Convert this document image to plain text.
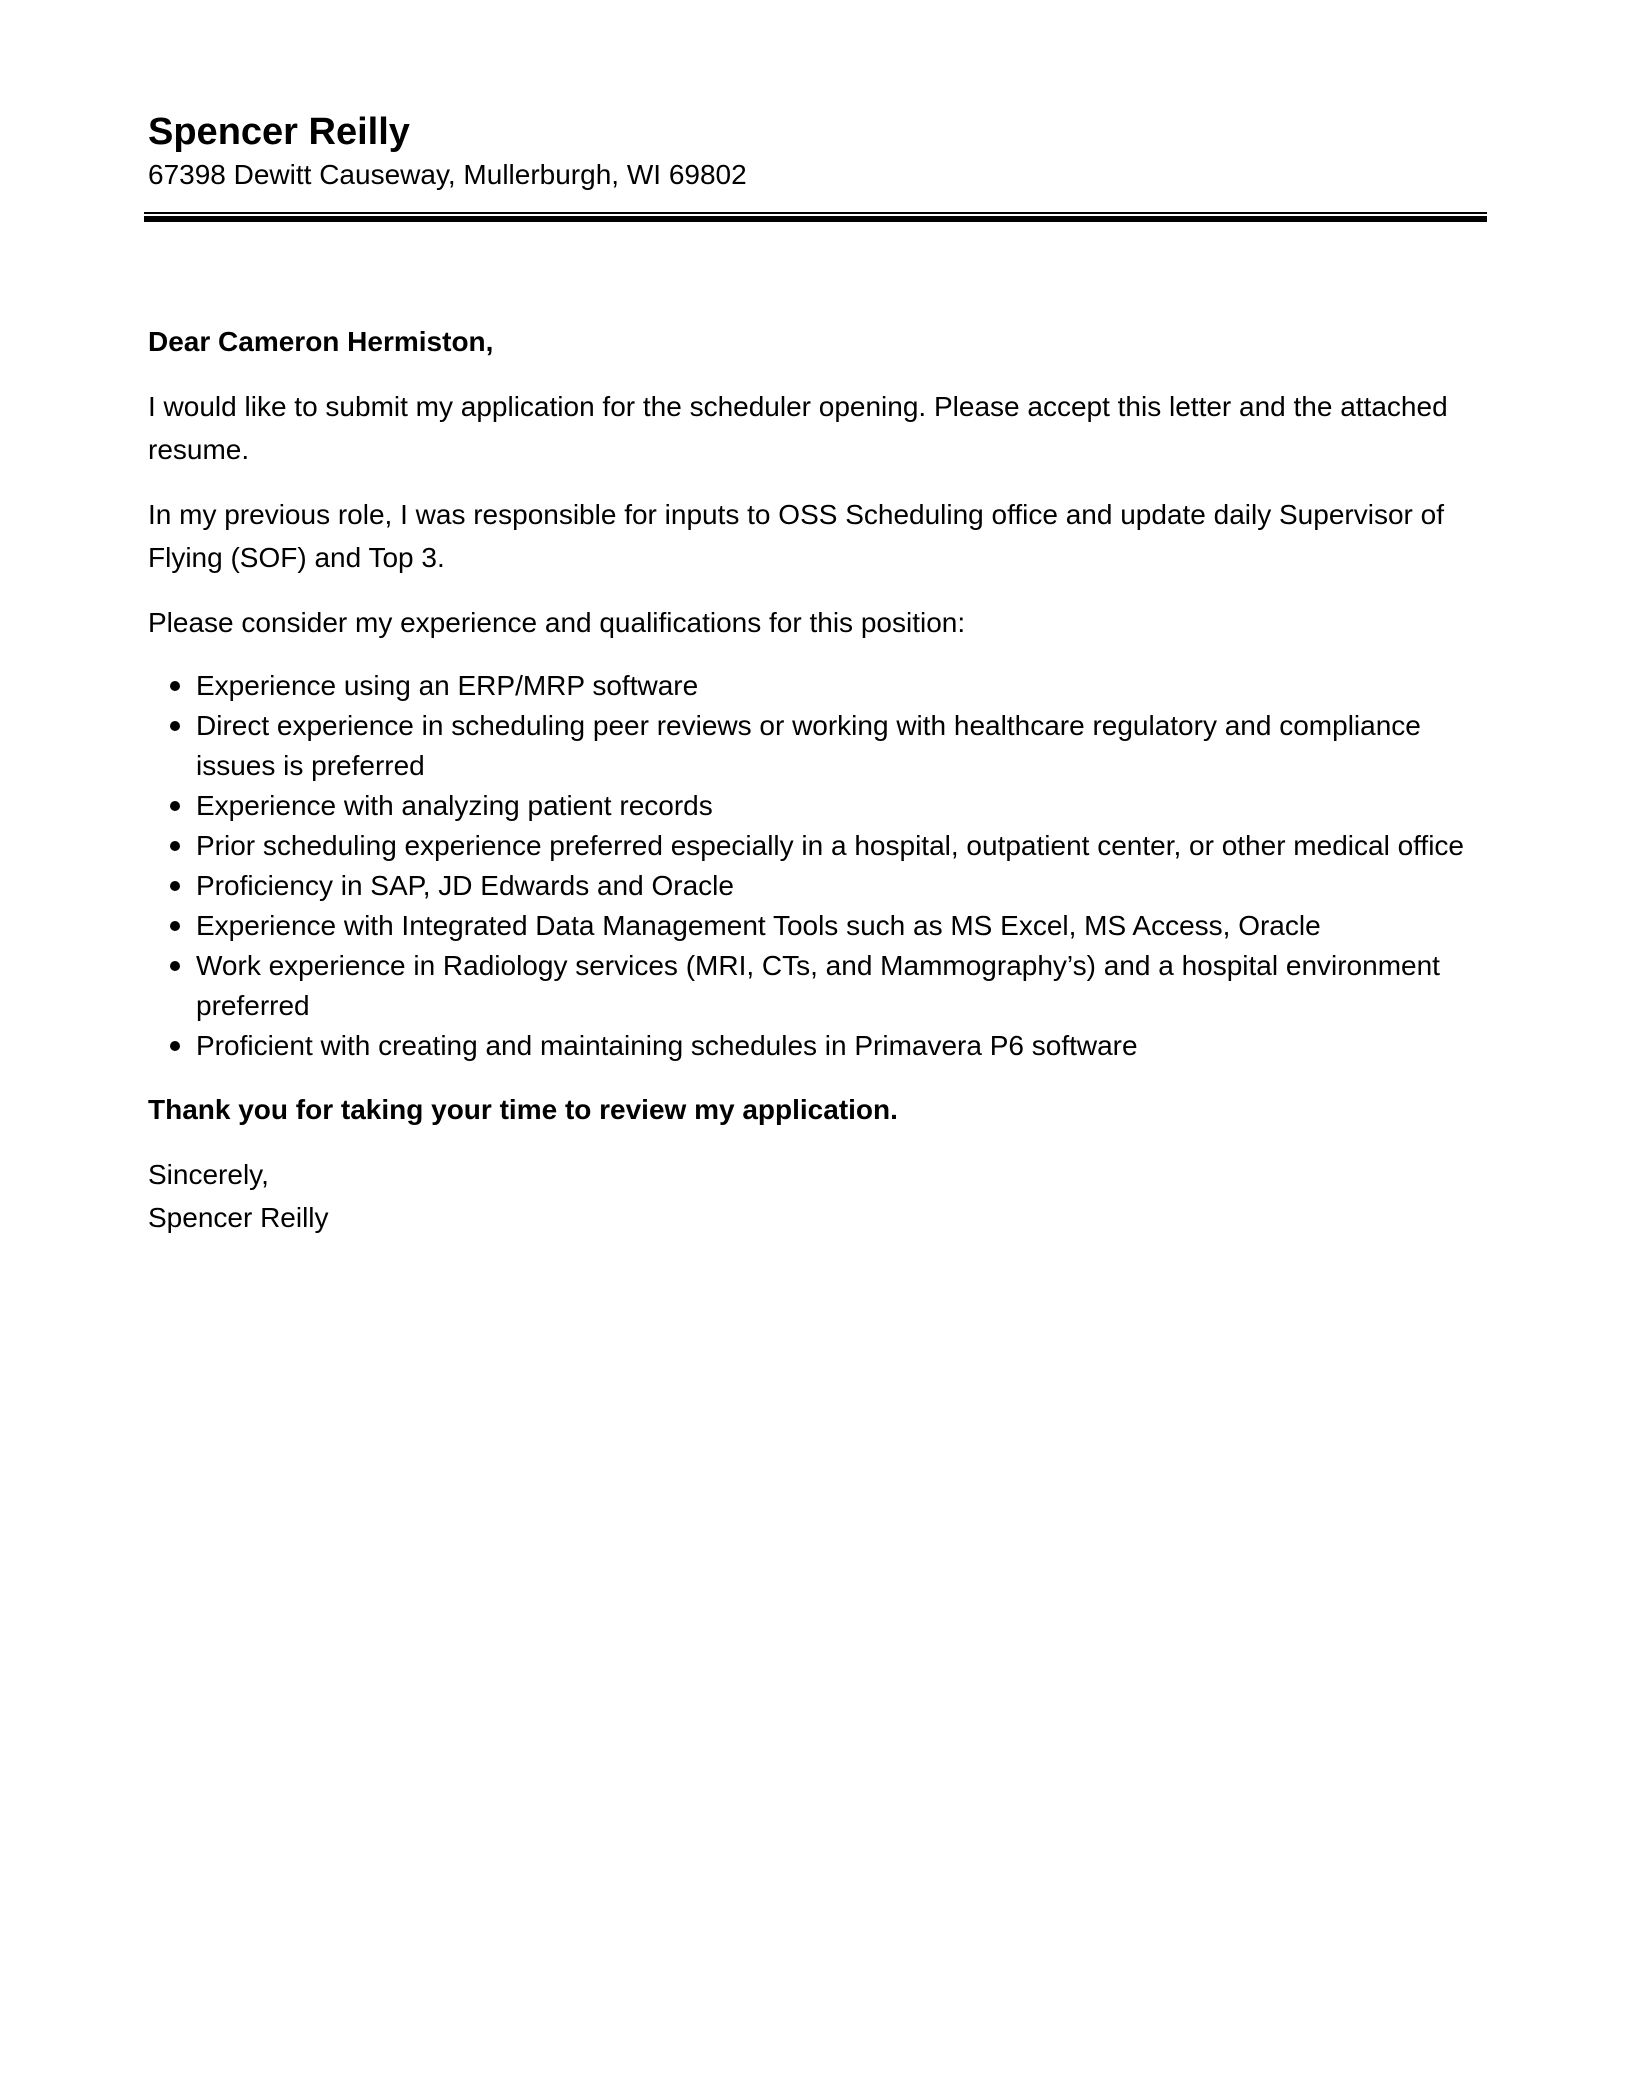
Spencer Reilly

67398 Dewitt Causeway, Mullerburgh, WI 69802

Dear Cameron Hermiston,

I would like to submit my application for the scheduler opening. Please accept this letter and the attached resume.

In my previous role, I was responsible for inputs to OSS Scheduling office and update daily Supervisor of Flying (SOF) and Top 3.

Please consider my experience and qualifications for this position:

Experience using an ERP/MRP software
Direct experience in scheduling peer reviews or working with healthcare regulatory and compliance issues is preferred
Experience with analyzing patient records
Prior scheduling experience preferred especially in a hospital, outpatient center, or other medical office
Proficiency in SAP, JD Edwards and Oracle
Experience with Integrated Data Management Tools such as MS Excel, MS Access, Oracle
Work experience in Radiology services (MRI, CTs, and Mammography’s) and a hospital environment preferred
Proficient with creating and maintaining schedules in Primavera P6 software

Thank you for taking your time to review my application.

Sincerely,

Spencer Reilly
